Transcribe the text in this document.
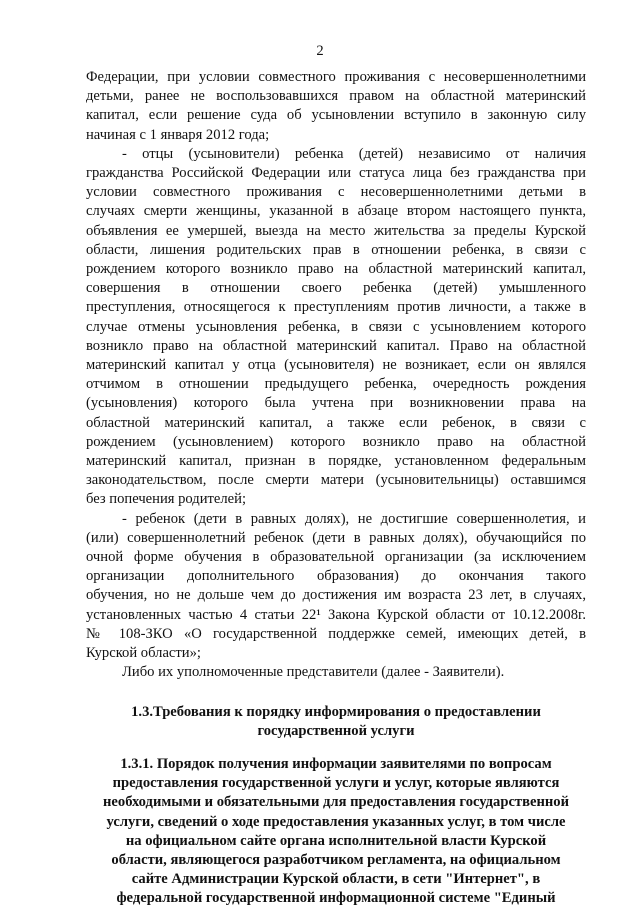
2
Федерации, при условии совместного проживания с несовершеннолетними
детьми, ранее не воспользовавшихся правом на областной материнский
капитал, если решение суда об усыновлении вступило в законную силу
начиная с 1 января 2012 года;
- отцы (усыновители) ребенка (детей) независимо от наличия
гражданства Российской Федерации или статуса лица без гражданства при
условии совместного проживания с несовершеннолетними детьми в
случаях смерти женщины, указанной в абзаце втором настоящего пункта,
объявления ее умершей, выезда на место жительства за пределы Курской
области, лишения родительских прав в отношении ребенка, в связи с
рождением которого возникло право на областной материнский капитал,
совершения в отношении своего ребенка (детей) умышленного
преступления, относящегося к преступлениям против личности, а также в
случае отмены усыновления ребенка, в связи с усыновлением которого
возникло право на областной материнский капитал. Право на областной
материнский капитал у отца (усыновителя) не возникает, если он являлся
отчимом в отношении предыдущего ребенка, очередность рождения
(усыновления) которого была учтена при возникновении права на
областной материнский капитал, а также если ребенок, в связи с
рождением (усыновлением) которого возникло право на областной
материнский капитал, признан в порядке, установленном федеральным
законодательством, после смерти матери (усыновительницы) оставшимся
без попечения родителей;
- ребенок (дети в равных долях), не достигшие совершеннолетия, и
(или) совершеннолетний ребенок (дети в равных долях), обучающийся по
очной форме обучения в образовательной организации (за исключением
организации дополнительного образования) до окончания такого
обучения, но не дольше чем до достижения им возраста 23 лет, в случаях,
установленных частью 4 статьи 22¹ Закона Курской области от 10.12.2008г.
№ 108-ЗКО «О государственной поддержке семей, имеющих детей, в
Курской области»;
Либо их уполномоченные представители (далее - Заявители).
1.3.Требования к порядку информирования о предоставлении
государственной услуги
1.3.1. Порядок получения информации заявителями по вопросам
предоставления государственной услуги и услуг, которые являются
необходимыми и обязательными для предоставления государственной
услуги, сведений о ходе предоставления указанных услуг, в том числе
на официальном сайте органа исполнительной власти Курской
области, являющегося разработчиком регламента, на официальном
сайте Администрации Курской области, в сети "Интернет", в
федеральной государственной информационной системе "Единый
